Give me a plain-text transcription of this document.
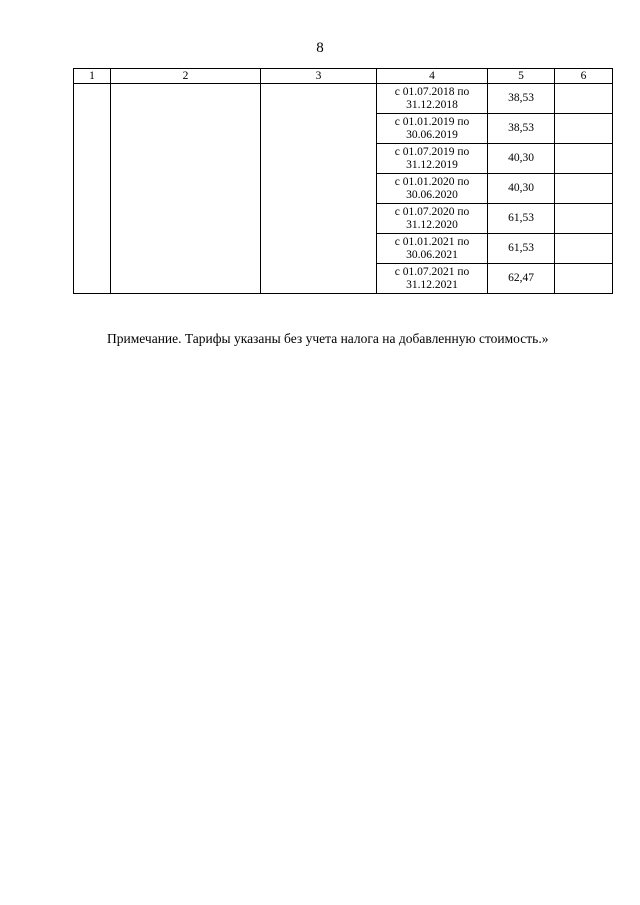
8
1	2	3	4	5	6

			с 01.07.2018 по
31.12.2018	38,53	

			с 01.01.2019 по
30.06.2019	38,53	

			с 01.07.2019 по
31.12.2019	40,30	

			с 01.01.2020 по
30.06.2020	40,30	

			с 01.07.2020 по
31.12.2020	61,53	

			с 01.01.2021 по
30.06.2021	61,53	

			с 01.07.2021 по
31.12.2021	62,47	
Примечание. Тарифы указаны без учета налога на добавленную стоимость.»
